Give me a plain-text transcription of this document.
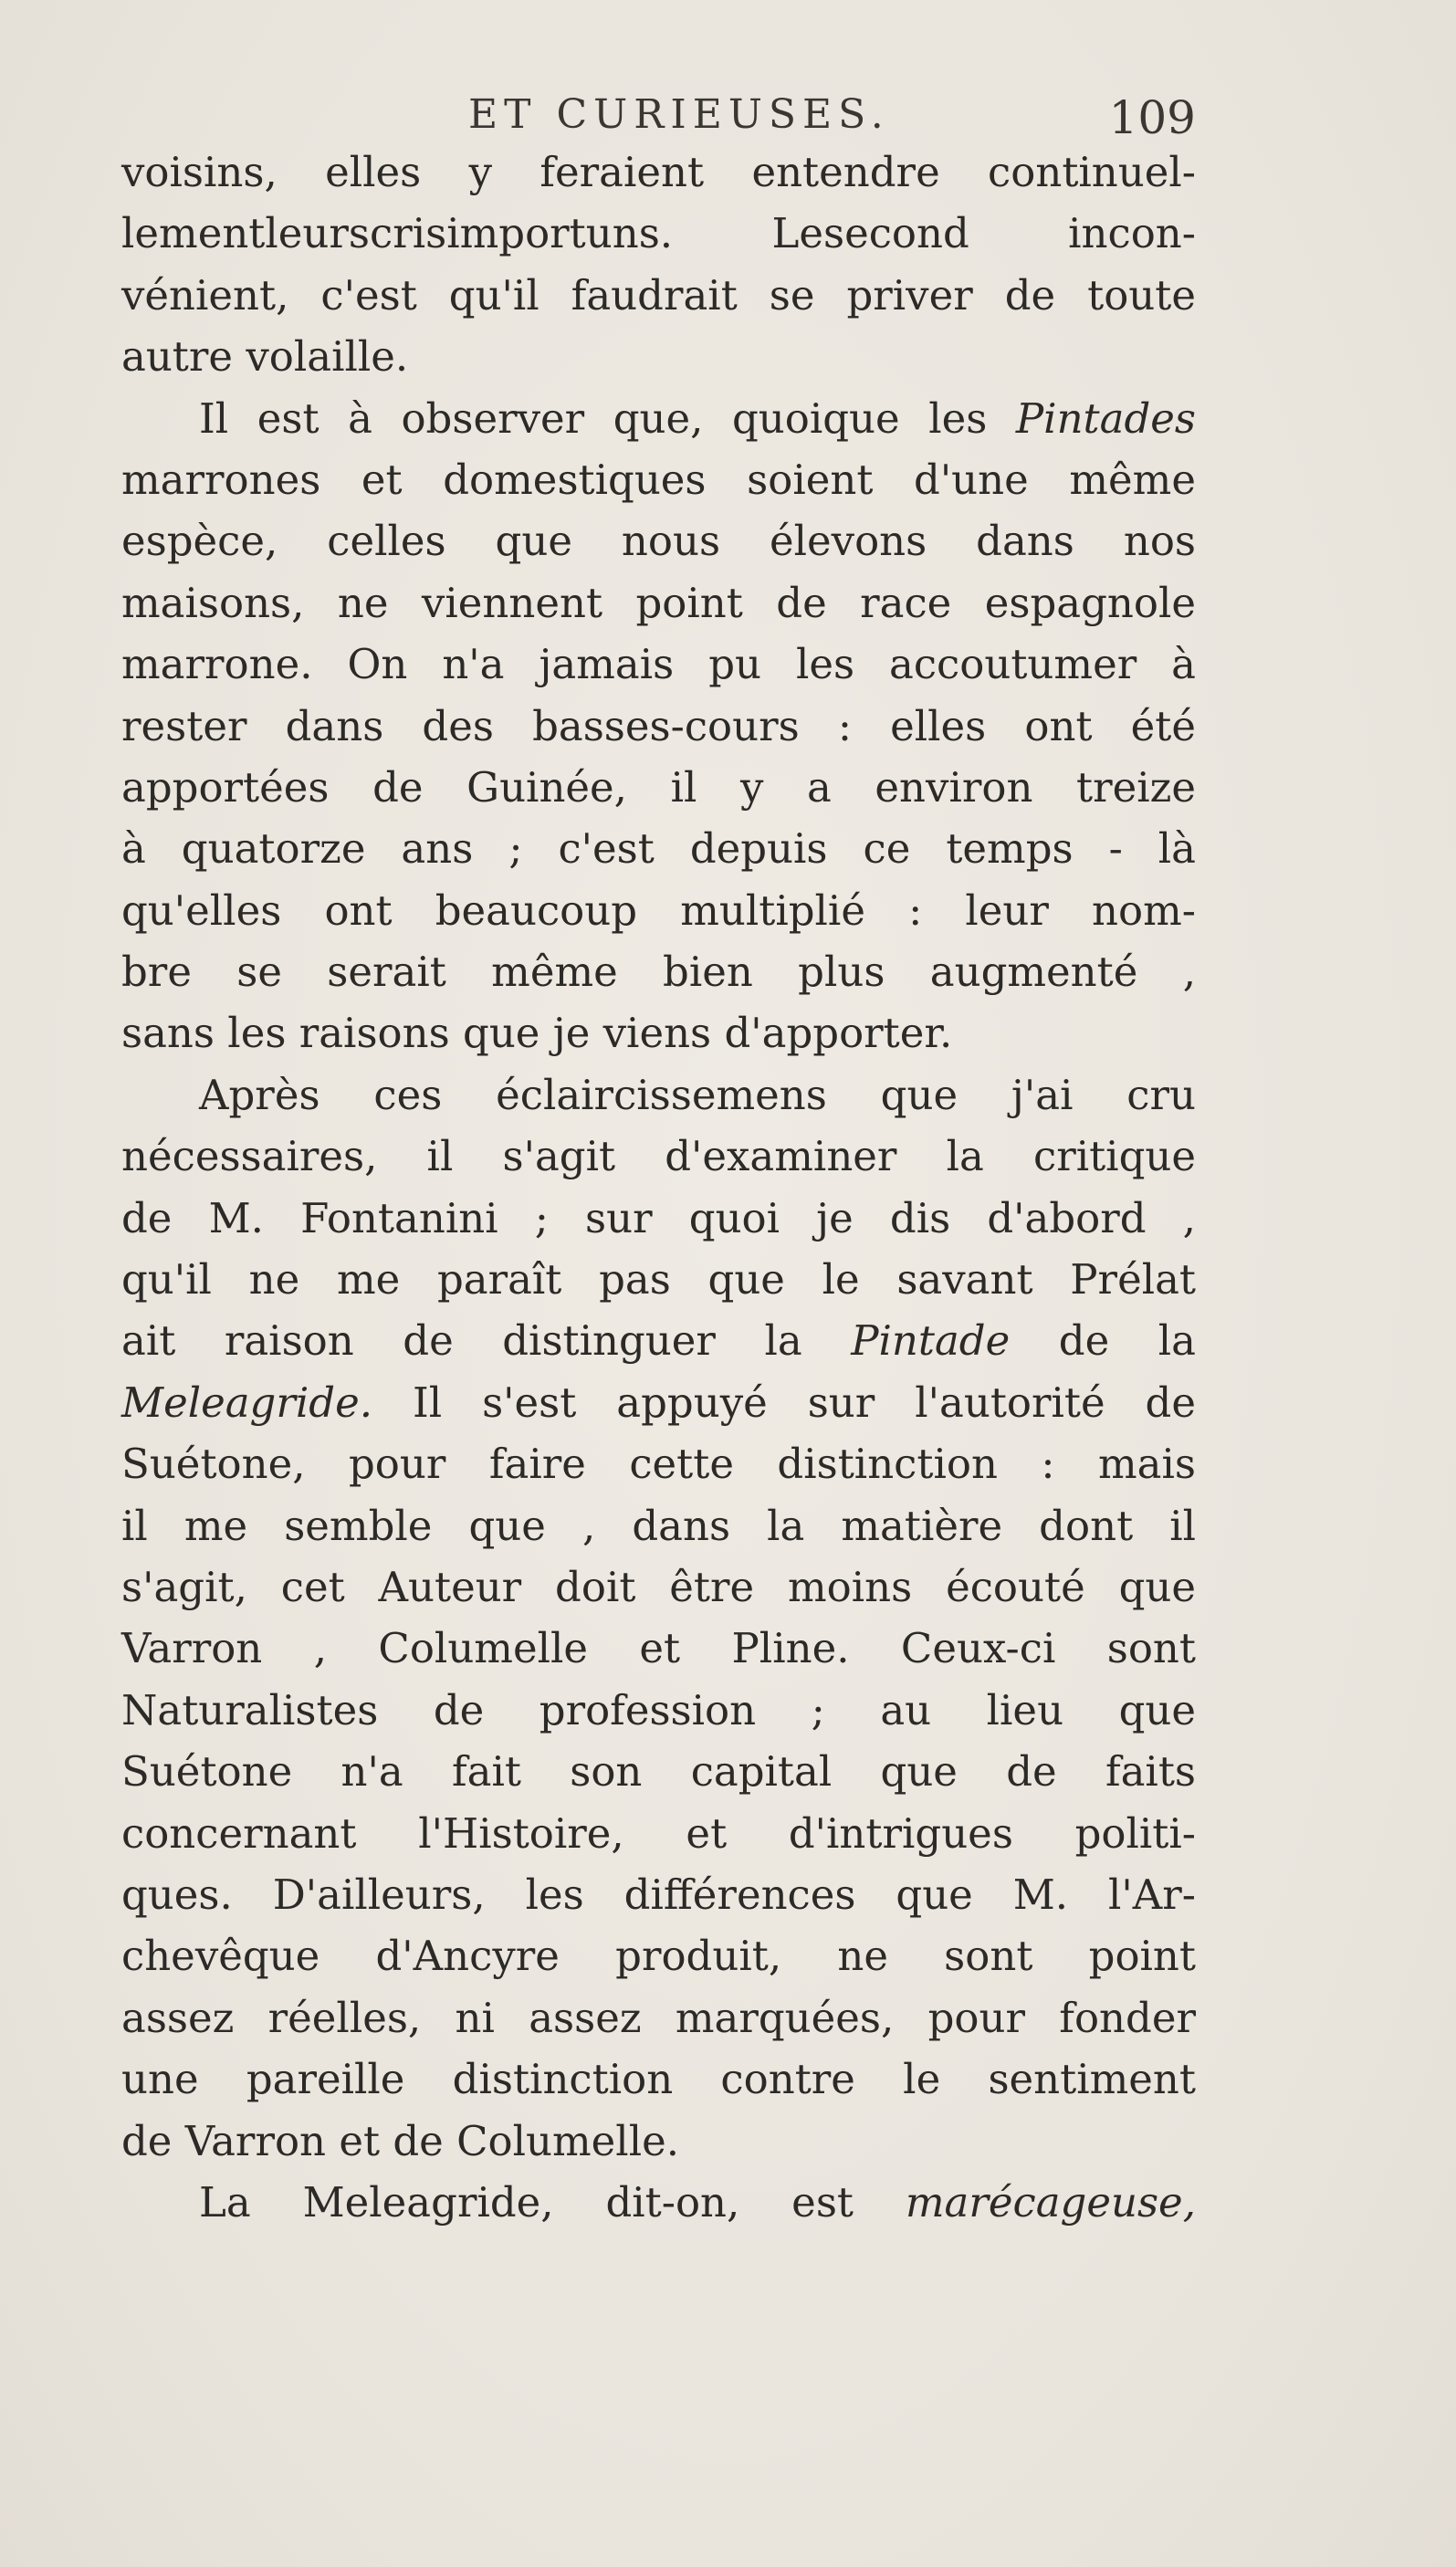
ET CURIEUSES.	109
voisins, elles y feraient entendre continuel-
lementleurscrisimportuns. Lesecond incon-
vénient, c'est qu'il faudrait se priver de toute
autre volaille.
Il est à observer que, quoique les Pintades
marrones et domestiques soient d'une même
espèce, celles que nous élevons dans nos
maisons, ne viennent point de race espagnole
marrone. On n'a jamais pu les accoutumer à
rester dans des basses-cours : elles ont été
apportées de Guinée, il y a environ treize
à quatorze ans ; c'est depuis ce temps - là
qu'elles ont beaucoup multiplié : leur nom-
bre se serait même bien plus augmenté ,
sans les raisons que je viens d'apporter.
Après ces éclaircissemens que j'ai cru
nécessaires, il s'agit d'examiner la critique
de M. Fontanini ; sur quoi je dis d'abord ,
qu'il ne me paraît pas que le savant Prélat
ait raison de distinguer la Pintade de la
Meleagride. Il s'est appuyé sur l'autorité de
Suétone, pour faire cette distinction : mais
il me semble que , dans la matière dont il
s'agit, cet Auteur doit être moins écouté que
Varron , Columelle et Pline. Ceux-ci sont
Naturalistes de profession ; au lieu que
Suétone n'a fait son capital que de faits
concernant l'Histoire, et d'intrigues politi-
ques. D'ailleurs, les différences que M. l'Ar-
chevêque d'Ancyre produit, ne sont point
assez réelles, ni assez marquées, pour fonder
une pareille distinction contre le sentiment
de Varron et de Columelle.
La Meleagride, dit-on, est marécageuse,
